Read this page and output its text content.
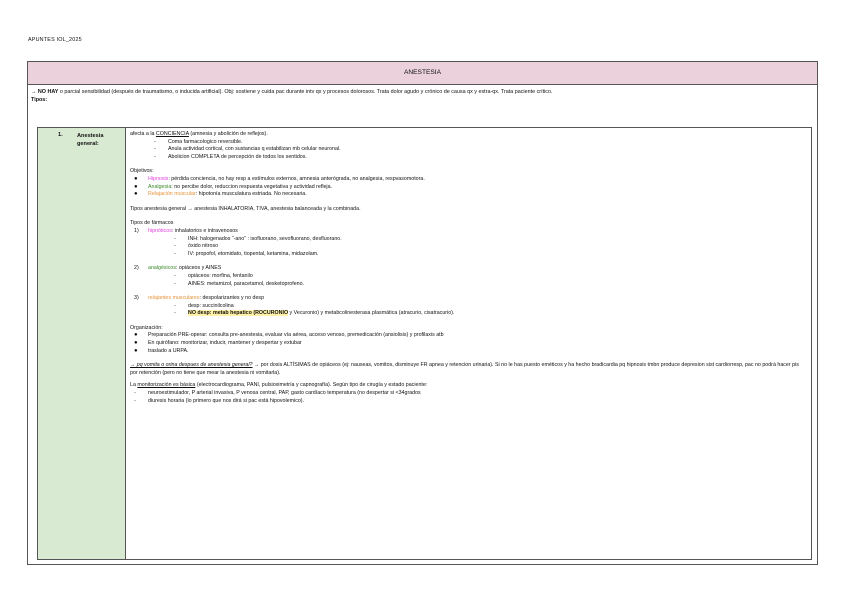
APUNTES IOL_2025
ANESTESIA
→ NO HAY o parcial sensibilidad (después de traumatismo, o inducida artificial). Obj: sostiene y cuida pac durante intv qx y procesos dolorosos. Trata dolor agudo y crónico de causa qx y extra-qx. Trata paciente crítico.
Tipos:
1.	Anestesia
general:

afecta a la CONCIENCIA (amnesia y abolición de reflejos).

- Coma farmacologico reversible.

- Anula actividad cortical, con sustancias q estabilizan mb celular neuronal.

- Abolicion COMPLETA de percepción de todos los sentidos.

Objetivos:

● Hipnosis: pérdida conciencia, no hay resp a estímulos externos, amnesia anterógrada, no analgesia, respvasomotora.

● Analgesia: no percibe dolor, reduccion respuesta vegetativa y actividad refleja.

● Relajación muscular: hipotonía musculatura estriada. No necesaria.

Tipos anestesia general → anestesia INHALATORIA, TIVA, anestesia balanceada y la combinada.

Tipos de fármacos

1) hipnóticos: inhalatorios e intravenosos

- INH: halogenados “-ano” : isofluorano, sevofluorano, desfluorano.

- óxido nitroso

- IV: propofol, etomidato, tiopental, ketamina, midazolam.

2) analgésicos: opiáceos y AINES

- opiáceos: morfina, fentanilo

- AINES: metamizol, paracetamol, desketoprofeno.

3) relajantes musculares: despolarizantes y no desp

- desp: succinilcolina

- NO desp: metab hepatico (ROCURONIO y Vecuronio) y metabcolinesterasa plasmática (atracurio, cisatracurio).

Organización:

● Preparación PRE-operar: consulta pre-anestesia, evaluar vía aérea, acceso venoso, premedicación (ansiolisis) y profilaxis atb

● En quirófano: monitorizar, inducir, mantener y despertar y extubar

● traslado a URPA.

→ pq vomita o orina despues de anestesia general? → por dosis ALTÍSIMAS de opiáceos (ej: nauseas, vomitos, disminuye FR apnea y retencion urinaria). Si no le has puesto eméticos y ha hecho bradicardia pq hipnosis tmbn produce depresion sist cardiorresp, pac no podrá hacer pis por retención (pero no tiene que mear la anestesia ni vomitarla).

La monitorización es básica (electrocardiograma, PANI, pulsioximetría y capnografía). Según tipo de cirugía y estado paciente:

- neuroestimulador, P arterial invasiva, P venosa central, PAP, gasto cardíaco temperatura (no despertar si <34grados

- diuresis horaria (lo primero que nos dirá si pac está hipovolemico).
